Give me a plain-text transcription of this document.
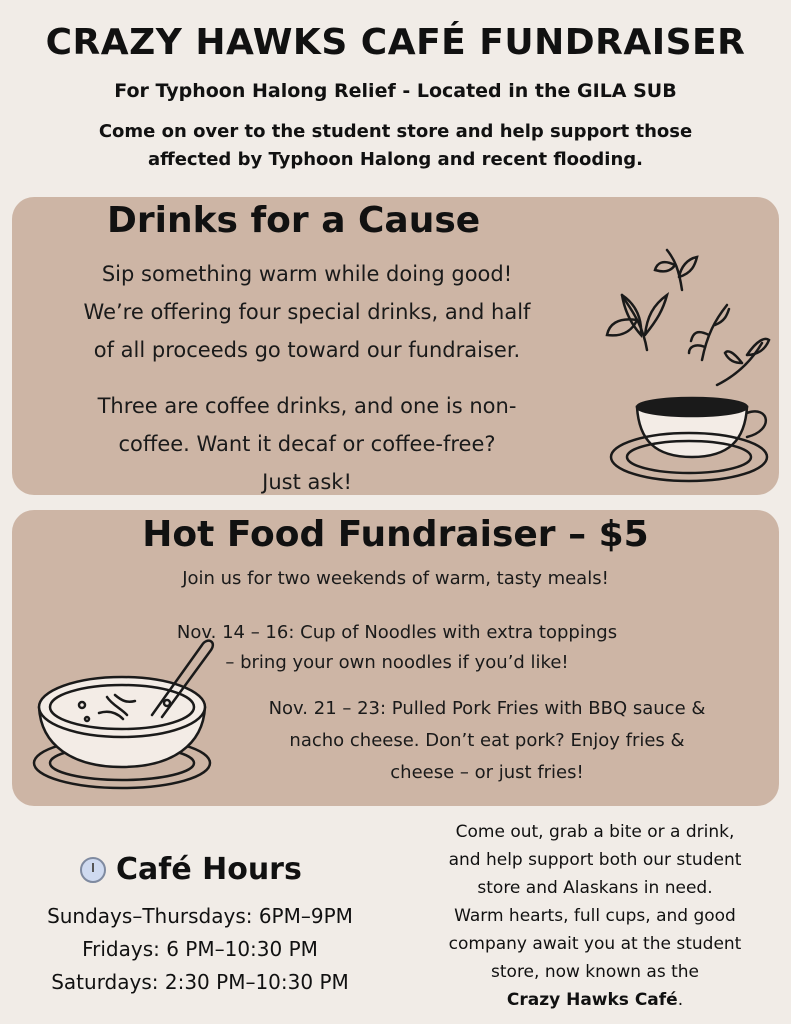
CRAZY HAWKS CAFÉ FUNDRAISER
For Typhoon Halong Relief - Located in the GILA SUB
Come on over to the student store and help support those
affected by Typhoon Halong and recent flooding.
Drinks for a Cause
Sip something warm while doing good!
We’re offering four special drinks, and half
of all proceeds go toward our fundraiser.
Three are coffee drinks, and one is non-
coffee. Want it decaf or coffee-free?
Just ask!
Hot Food Fundraiser – $5
Join us for two weekends of warm, tasty meals!
Nov. 14 – 16: Cup of Noodles with extra toppings
– bring your own noodles if you’d like!
Nov. 21 – 23: Pulled Pork Fries with BBQ sauce &
nacho cheese. Don’t eat pork? Enjoy fries &
cheese – or just fries!
Café Hours
Sundays–Thursdays: 6PM–9PM
Fridays: 6 PM–10:30 PM
Saturdays: 2:30 PM–10:30 PM
Come out, grab a bite or a drink,
and help support both our student
store and Alaskans in need.
Warm hearts, full cups, and good
company await you at the student
store, now known as the
Crazy Hawks Café.
